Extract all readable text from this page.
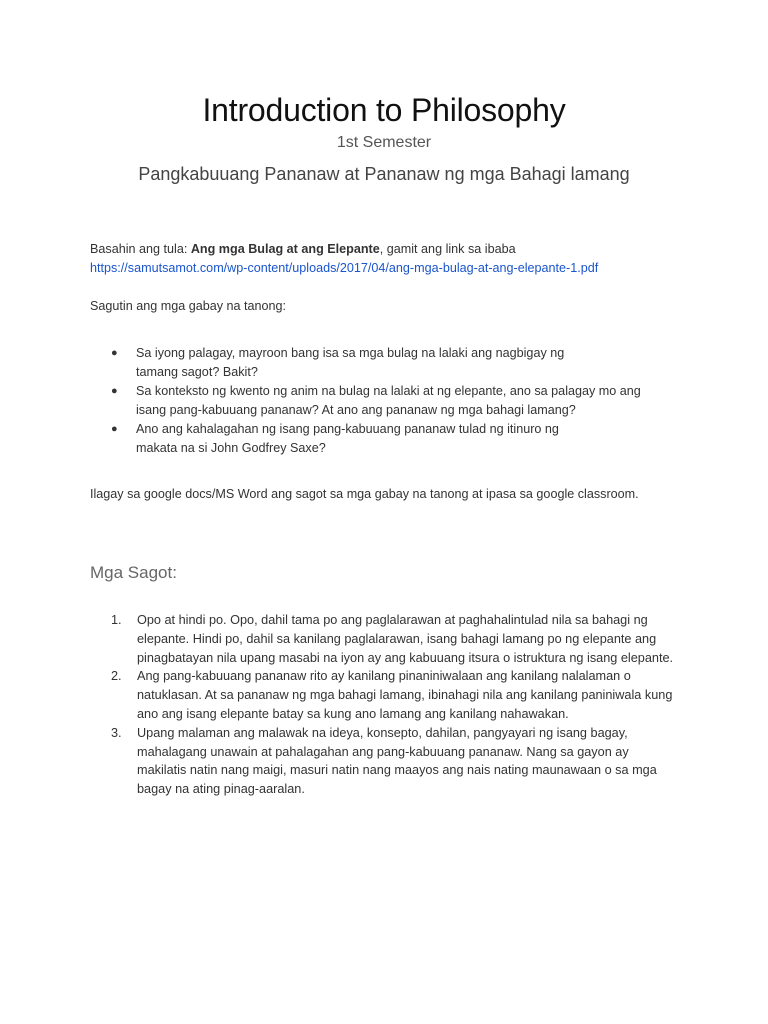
Introduction to Philosophy
1st Semester
Pangkabuuang Pananaw at Pananaw ng mga Bahagi lamang
Basahin ang tula: Ang mga Bulag at ang Elepante, gamit ang link sa ibaba
https://samutsamot.com/wp-content/uploads/2017/04/ang-mga-bulag-at-ang-elepante-1.pdf
Sagutin ang mga gabay na tanong:
● Sa iyong palagay, mayroon bang isa sa mga bulag na lalaki ang nagbigay ng tamang sagot? Bakit?
● Sa konteksto ng kwento ng anim na bulag na lalaki at ng elepante, ano sa palagay mo ang isang pang-kabuuang pananaw? At ano ang pananaw ng mga bahagi lamang?
● Ano ang kahalagahan ng isang pang-kabuuang pananaw tulad ng itinuro ng makata na si John Godfrey Saxe?
Ilagay sa google docs/MS Word ang sagot sa mga gabay na tanong at ipasa sa google classroom.
Mga Sagot:
1. Opo at hindi po. Opo, dahil tama po ang paglalarawan at paghahalintulad nila sa bahagi ng elepante. Hindi po, dahil sa kanilang paglalarawan, isang bahagi lamang po ng elepante ang pinagbatayan nila upang masabi na iyon ay ang kabuuang itsura o istruktura ng isang elepante.
2. Ang pang-kabuuang pananaw rito ay kanilang pinaniniwalaan ang kanilang nalalaman o natuklasan. At sa pananaw ng mga bahagi lamang, ibinahagi nila ang kanilang paniniwala kung ano ang isang elepante batay sa kung ano lamang ang kanilang nahawakan.
3. Upang malaman ang malawak na ideya, konsepto, dahilan, pangyayari ng isang bagay, mahalagang unawain at pahalagahan ang pang-kabuuang pananaw. Nang sa gayon ay makilatis natin nang maigi, masuri natin nang maayos ang nais nating maunawaan o sa mga bagay na ating pinag-aaralan.
